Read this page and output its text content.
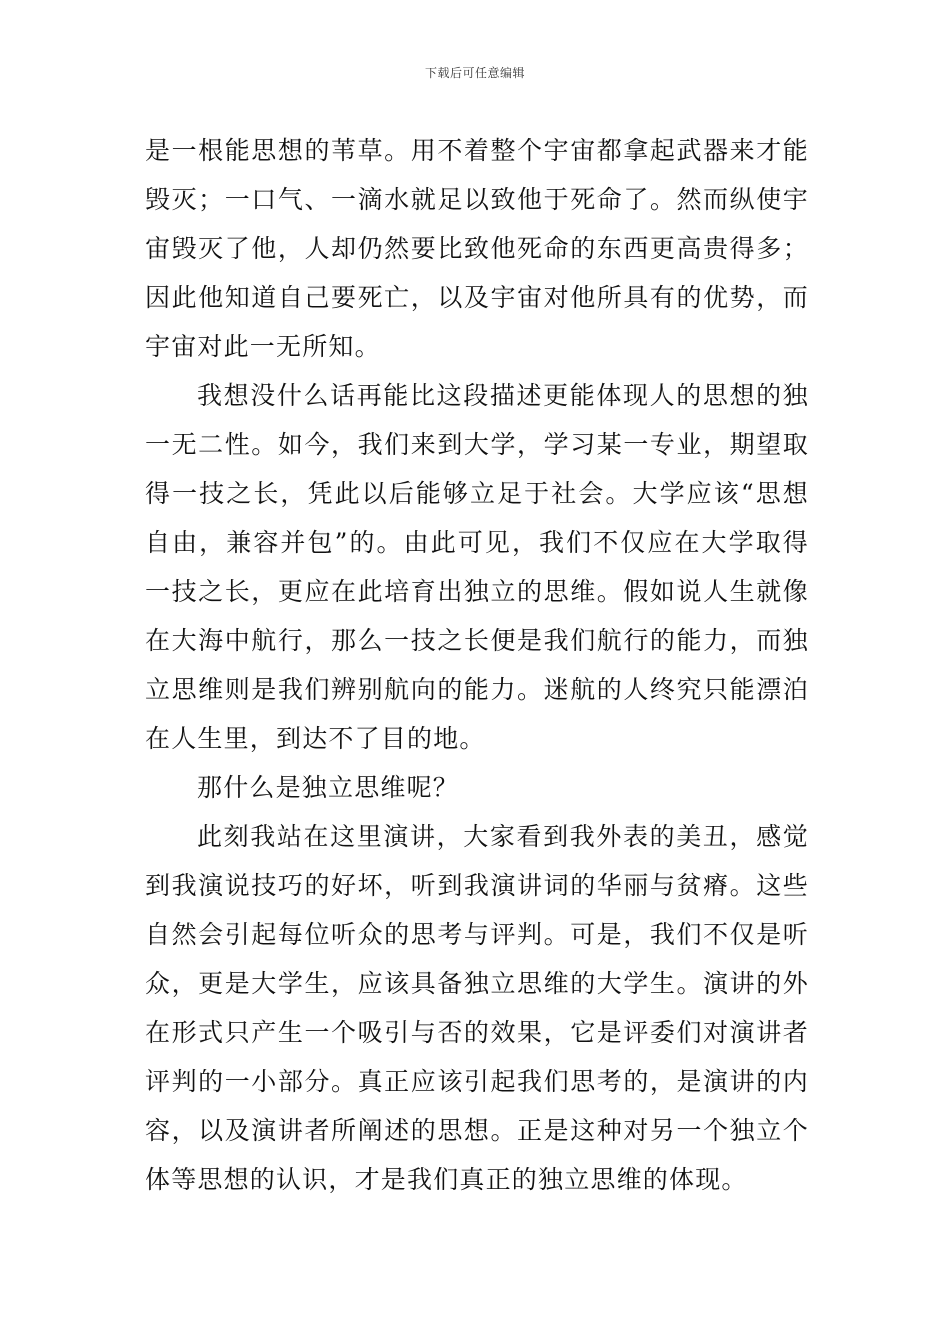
下载后可任意编辑

是一根能思想的苇草。用不着整个宇宙都拿起武器来才能毁灭；一口气、一滴水就足以致他于死命了。然而纵使宇宙毁灭了他，人却仍然要比致他死命的东西更高贵得多；因此他知道自己要死亡，以及宇宙对他所具有的优势，而宇宙对此一无所知。

我想没什么话再能比这段描述更能体现人的思想的独一无二性。如今，我们来到大学，学习某一专业，期望取得一技之长，凭此以后能够立足于社会。大学应该“思想自由，兼容并包”的。由此可见，我们不仅应在大学取得一技之长，更应在此培育出独立的思维。假如说人生就像在大海中航行，那么一技之长便是我们航行的能力，而独立思维则是我们辨别航向的能力。迷航的人终究只能漂泊在人生里，到达不了目的地。

那什么是独立思维呢？

此刻我站在这里演讲，大家看到我外表的美丑，感觉到我演说技巧的好坏，听到我演讲词的华丽与贫瘠。这些自然会引起每位听众的思考与评判。可是，我们不仅是听众，更是大学生，应该具备独立思维的大学生。演讲的外在形式只产生一个吸引与否的效果，它是评委们对演讲者评判的一小部分。真正应该引起我们思考的，是演讲的内容，以及演讲者所阐述的思想。正是这种对另一个独立个体等思想的认识，才是我们真正的独立思维的体现。
